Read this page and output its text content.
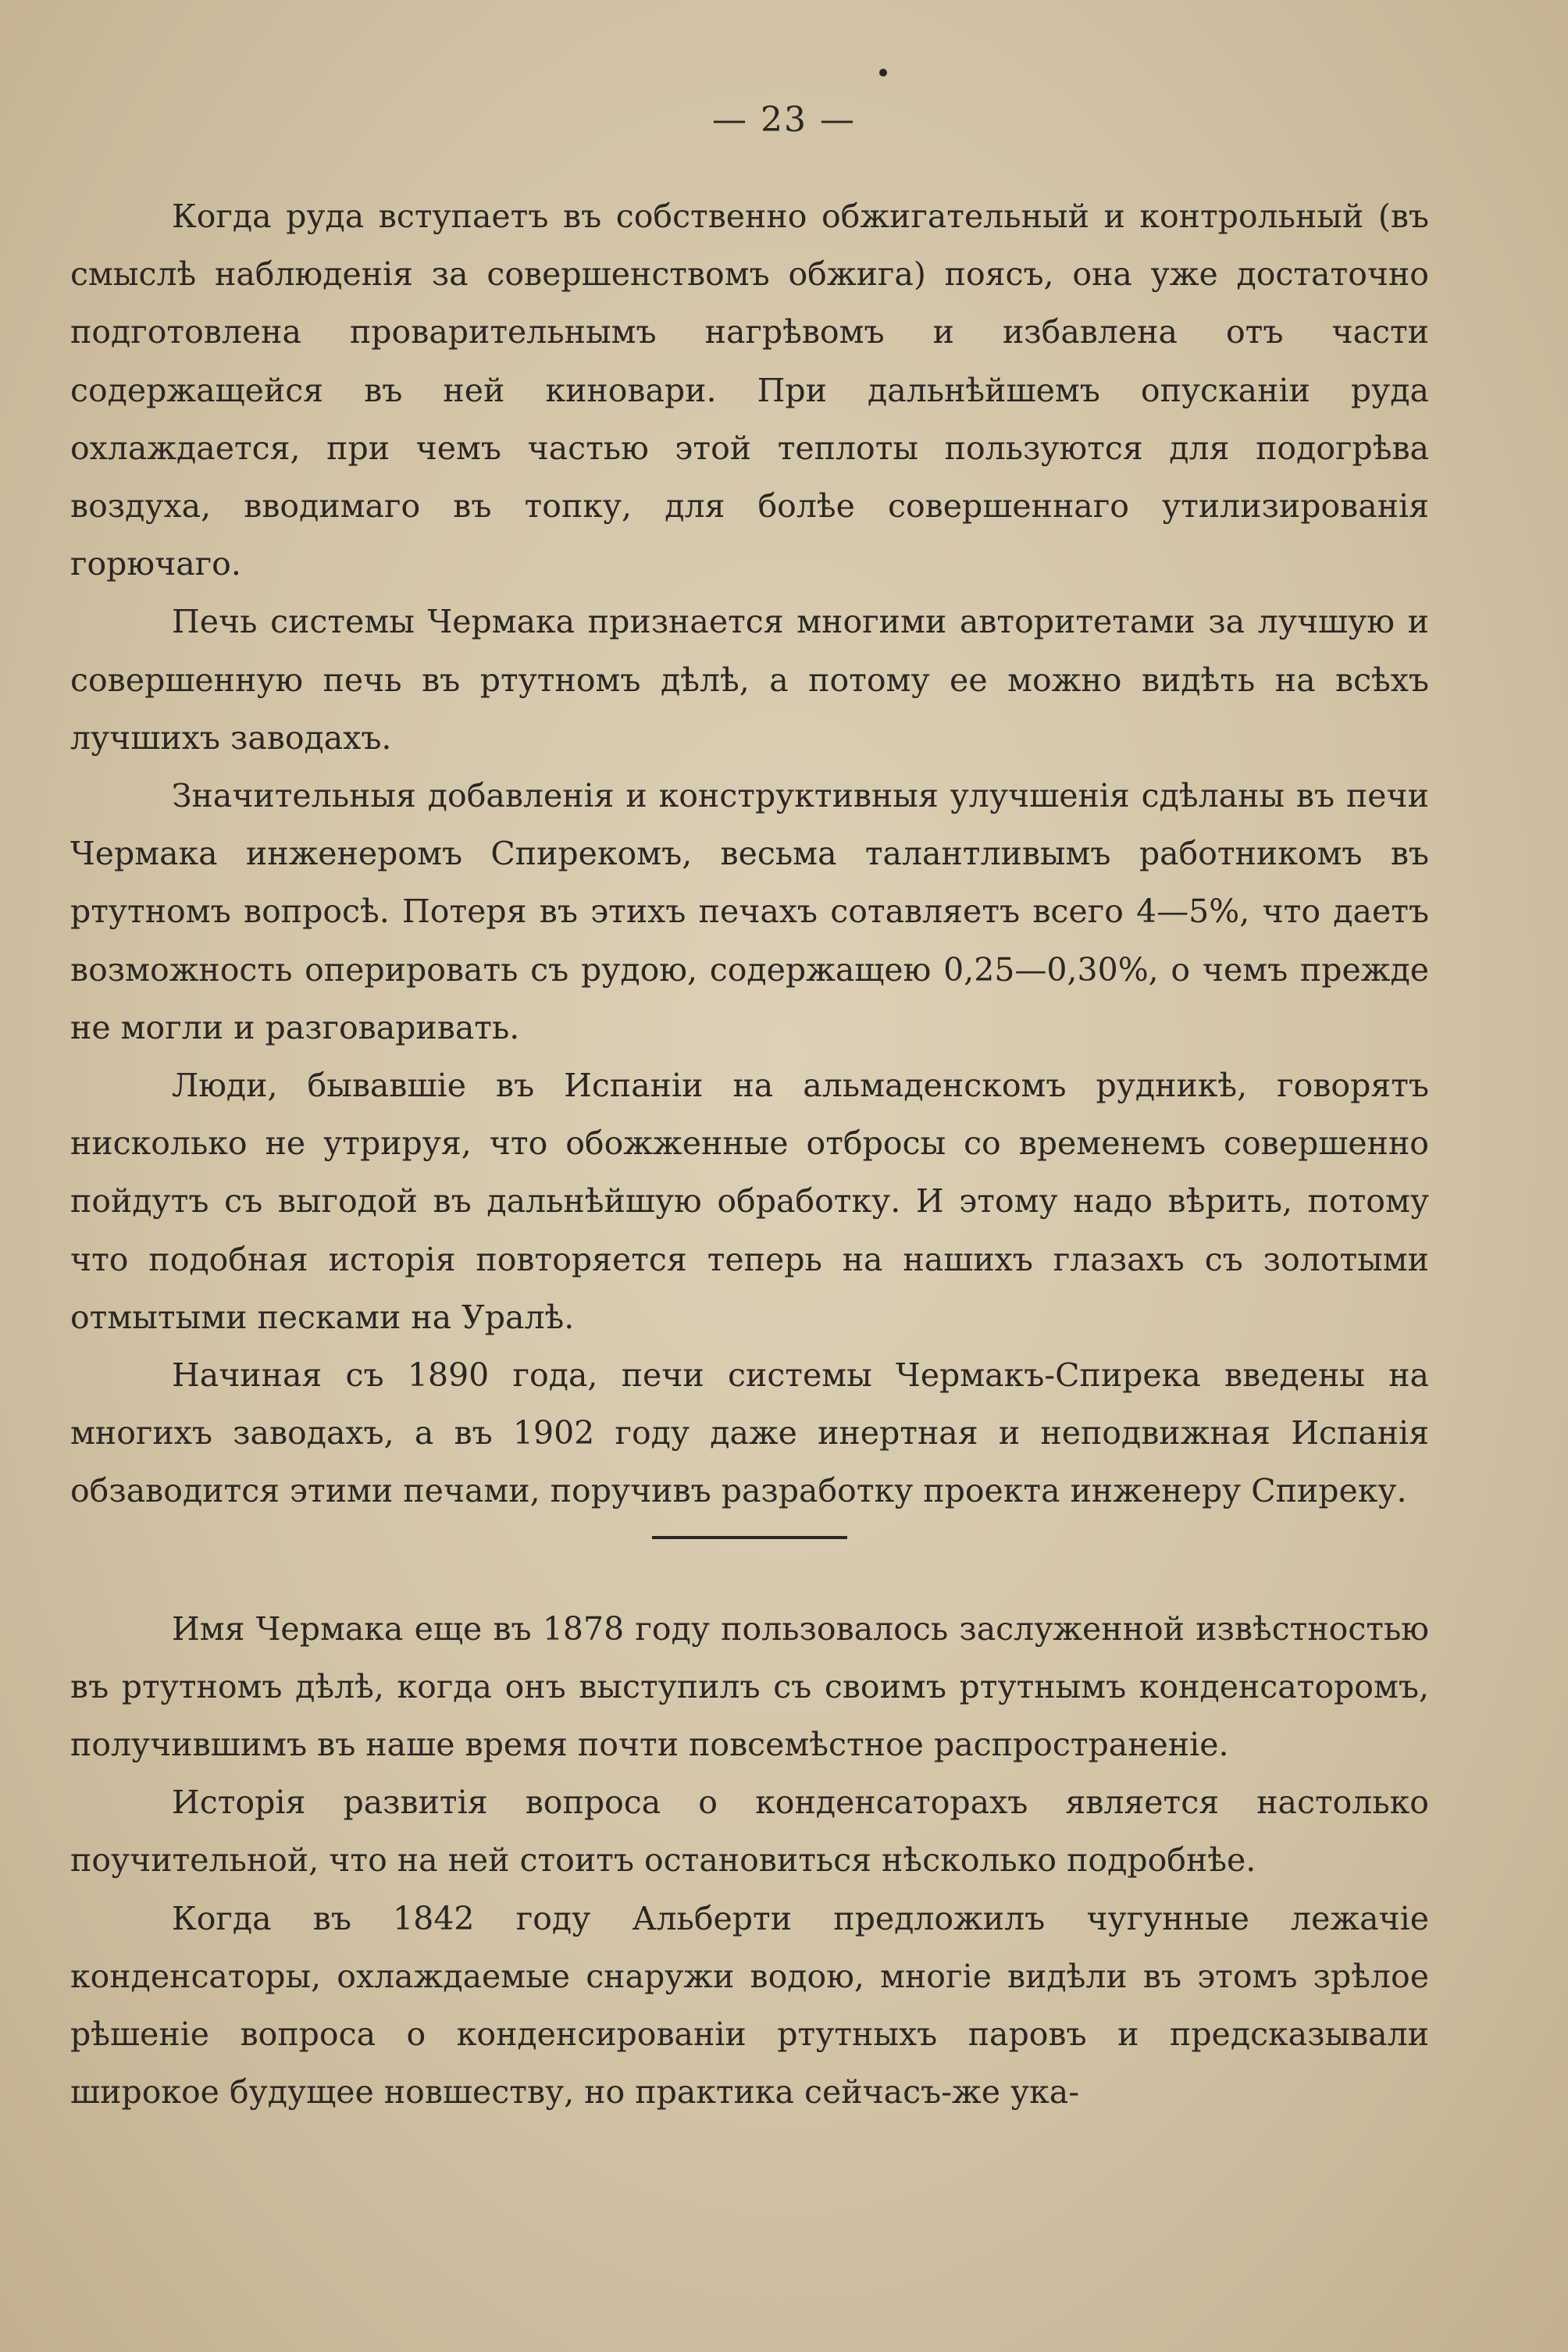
— 23 —

Когда руда вступаетъ въ собственно обжигательный и контрольный (въ смыслѣ наблюденія за совершенствомъ обжига) поясъ, она уже достаточно подготовлена проварительнымъ нагрѣвомъ и избавлена отъ части содержащейся въ ней киновари. При дальнѣйшемъ опусканіи руда охлаждается, при чемъ частью этой теплоты пользуются для подогрѣва воздуха, вводимаго въ топку, для болѣе совершеннаго утилизированія горючаго.

Печь системы Чермака признается многими авторитетами за лучшую и совершенную печь въ ртутномъ дѣлѣ, а потому ее можно видѣть на всѣхъ лучшихъ заводахъ.

Значительныя добавленія и конструктивныя улучшенія сдѣланы въ печи Чермака инженеромъ Спирекомъ, весьма талантливымъ работникомъ въ ртутномъ вопросѣ. Потеря въ этихъ печахъ сотавляетъ всего 4—5%, что даетъ возможность оперировать съ рудою, содержащею 0,25—0,30%, о чемъ прежде не могли и разговаривать.

Люди, бывавшіе въ Испаніи на альмаденскомъ рудникѣ, говорятъ нисколько не утрируя, что обожженные отбросы со временемъ совершенно пойдутъ съ выгодой въ дальнѣйшую обработку. И этому надо вѣрить, потому что подобная исторія повторяется теперь на нашихъ глазахъ съ золотыми отмытыми песками на Уралѣ.

Начиная съ 1890 года, печи системы Чермакъ-Спирека введены на многихъ заводахъ, а въ 1902 году даже инертная и неподвижная Испанія обзаводится этими печами, поручивъ разработку проекта инженеру Спиреку.

Имя Чермака еще въ 1878 году пользовалось заслуженной извѣстностью въ ртутномъ дѣлѣ, когда онъ выступилъ съ своимъ ртутнымъ конденсаторомъ, получившимъ въ наше время почти повсемѣстное распространеніе.

Исторія развитія вопроса о конденсаторахъ является настолько поучительной, что на ней стоитъ остановиться нѣсколько подробнѣе.

Когда въ 1842 году Альберти предложилъ чугунные лежачіе конденсаторы, охлаждаемые снаружи водою, многіе видѣли въ этомъ зрѣлое рѣшеніе вопроса о конденсированіи ртутныхъ паровъ и предсказывали широкое будущее новшеству, но практика сейчасъ-же ука-
